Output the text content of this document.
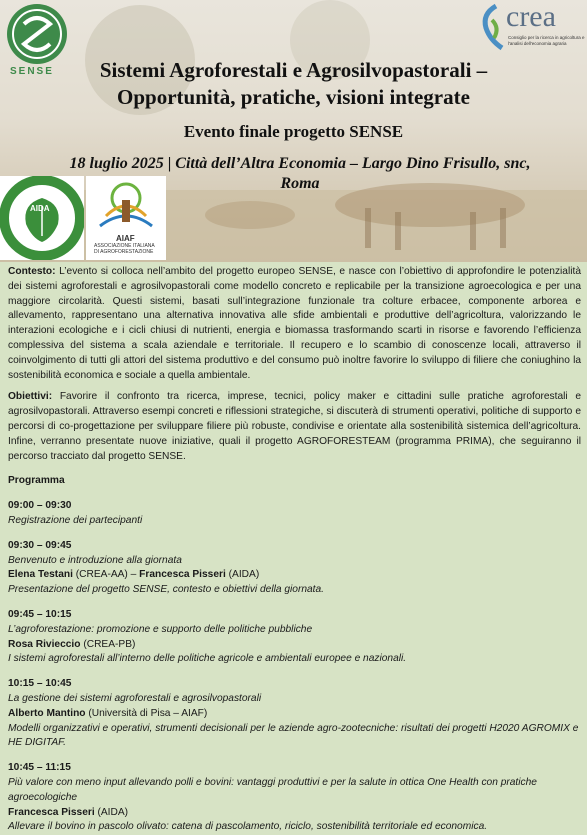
SENSE
crea
Consiglio per la ricerca in agricoltura e l'analisi dell'economia agraria
Sistemi Agroforestali e Agrosilvopastorali –
Opportunità, pratiche, visioni integrate
Evento finale progetto SENSE
18 luglio 2025 | Città dell’Altra Economia – Largo Dino Frisullo, snc,
Roma
AIDA
AIAF
ASSOCIAZIONE ITALIANA
DI AGROFORESTAZIONE

Contesto: L’evento si colloca nell’ambito del progetto europeo SENSE, e nasce con l’obiettivo di approfondire le potenzialità dei sistemi agroforestali e agrosilvopastorali come modello concreto e replicabile per la transizione agroecologica e per una maggiore circolarità. Questi sistemi, basati sull’integrazione funzionale tra colture erbacee, componente arborea e allevamento, rappresentano una alternativa innovativa alle sfide ambientali e produttive dell’agricoltura, valorizzando le interazioni ecologiche e i cicli chiusi di nutrienti, energia e biomassa trasformando scarti in risorse e favorendo l’efficienza complessiva del sistema a scala aziendale e territoriale. Il recupero e lo scambio di conoscenze locali, attraverso il coinvolgimento di tutti gli attori del sistema produttivo e del consumo può inoltre favorire lo sviluppo di filiere che coniughino la sostenibilità economica e sociale a quella ambientale.

Obiettivi: Favorire il confronto tra ricerca, imprese, tecnici, policy maker e cittadini sulle pratiche agroforestali e agrosilvopastorali. Attraverso esempi concreti e riflessioni strategiche, si discuterà di strumenti operativi, politiche di supporto e percorsi di co-progettazione per sviluppare filiere più robuste, condivise e orientate alla sostenibilità sistemica dell’agricoltura. Infine, verranno presentate nuove iniziative, quali il progetto AGROFORESTEAM (programma PRIMA), che seguiranno il percorso tracciato dal progetto SENSE.

Programma

09:00 – 09:30
Registrazione dei partecipanti
09:30 – 09:45
Benvenuto e introduzione alla giornata
Elena Testani (CREA-AA) – Francesca Pisseri (AIDA)
Presentazione del progetto SENSE, contesto e obiettivi della giornata.
09:45 – 10:15
L’agroforestazione: promozione e supporto delle politiche pubbliche
Rosa Rivieccio (CREA-PB)
I sistemi agroforestali all’interno delle politiche agricole e ambientali europee e nazionali.
10:15 – 10:45
La gestione dei sistemi agroforestali e agrosilvopastorali
Alberto Mantino (Università di Pisa – AIAF)
Modelli organizzativi e operativi, strumenti decisionali per le aziende agro-zootecniche: risultati dei progetti H2020 AGROMIX e HE DIGITAF.
10:45 – 11:15
Più valore con meno input allevando polli e bovini: vantaggi produttivi e per la salute in ottica One Health con pratiche agroecologiche
Francesca Pisseri (AIDA)
Allevare il bovino in pascolo olivato: catena di pascolamento, riciclo, sostenibilità territoriale ed economica.
